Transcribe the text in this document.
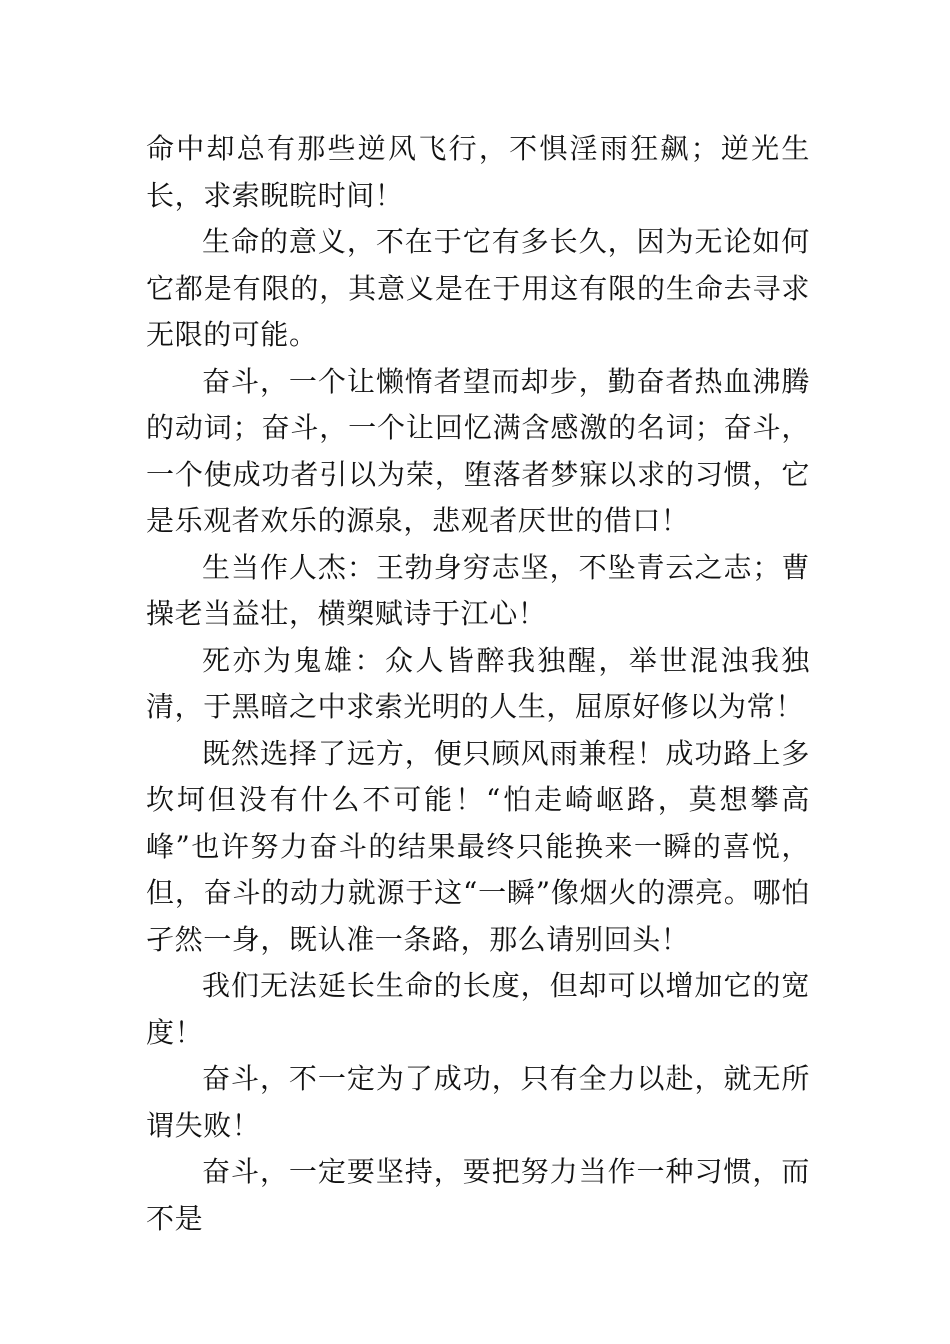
命中却总有那些逆风飞行，不惧淫雨狂飙；逆光生长，求索睨睆时间！

生命的意义，不在于它有多长久，因为无论如何它都是有限的，其意义是在于用这有限的生命去寻求无限的可能。

奋斗，一个让懒惰者望而却步，勤奋者热血沸腾的动词；奋斗，一个让回忆满含感激的名词；奋斗，一个使成功者引以为荣，堕落者梦寐以求的习惯，它是乐观者欢乐的源泉，悲观者厌世的借口！

生当作人杰：王勃身穷志坚，不坠青云之志；曹操老当益壮，横槊赋诗于江心！

死亦为鬼雄：众人皆醉我独醒，举世混浊我独清，于黑暗之中求索光明的人生，屈原好修以为常！

既然选择了远方，便只顾风雨兼程！成功路上多坎坷但没有什么不可能！“怕走崎岖路，莫想攀高峰”也许努力奋斗的结果最终只能换来一瞬的喜悦，但，奋斗的动力就源于这“一瞬”像烟火的漂亮。哪怕孑然一身，既认准一条路，那么请别回头！

我们无法延长生命的长度，但却可以增加它的宽度！

奋斗，不一定为了成功，只有全力以赴，就无所谓失败！

奋斗，一定要坚持，要把努力当作一种习惯，而不是
